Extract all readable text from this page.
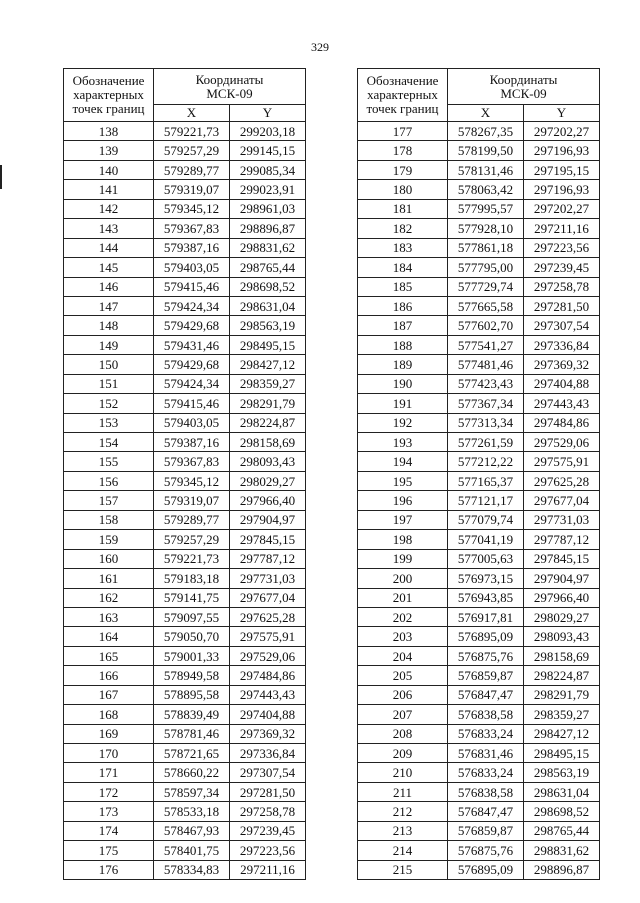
329
Обозначение
характерных
точек границ	Координаты
МСК-09	
	X	Y
138	579221,73	299203,18
139	579257,29	299145,15
140	579289,77	299085,34
141	579319,07	299023,91
142	579345,12	298961,03
143	579367,83	298896,87
144	579387,16	298831,62
145	579403,05	298765,44
146	579415,46	298698,52
147	579424,34	298631,04
148	579429,68	298563,19
149	579431,46	298495,15
150	579429,68	298427,12
151	579424,34	298359,27
152	579415,46	298291,79
153	579403,05	298224,87
154	579387,16	298158,69
155	579367,83	298093,43
156	579345,12	298029,27
157	579319,07	297966,40
158	579289,77	297904,97
159	579257,29	297845,15
160	579221,73	297787,12
161	579183,18	297731,03
162	579141,75	297677,04
163	579097,55	297625,28
164	579050,70	297575,91
165	579001,33	297529,06
166	578949,58	297484,86
167	578895,58	297443,43
168	578839,49	297404,88
169	578781,46	297369,32
170	578721,65	297336,84
171	578660,22	297307,54
172	578597,34	297281,50
173	578533,18	297258,78
174	578467,93	297239,45
175	578401,75	297223,56
176	578334,83	297211,16
Обозначение
характерных
точек границ	Координаты
МСК-09	
	X	Y
177	578267,35	297202,27
178	578199,50	297196,93
179	578131,46	297195,15
180	578063,42	297196,93
181	577995,57	297202,27
182	577928,10	297211,16
183	577861,18	297223,56
184	577795,00	297239,45
185	577729,74	297258,78
186	577665,58	297281,50
187	577602,70	297307,54
188	577541,27	297336,84
189	577481,46	297369,32
190	577423,43	297404,88
191	577367,34	297443,43
192	577313,34	297484,86
193	577261,59	297529,06
194	577212,22	297575,91
195	577165,37	297625,28
196	577121,17	297677,04
197	577079,74	297731,03
198	577041,19	297787,12
199	577005,63	297845,15
200	576973,15	297904,97
201	576943,85	297966,40
202	576917,81	298029,27
203	576895,09	298093,43
204	576875,76	298158,69
205	576859,87	298224,87
206	576847,47	298291,79
207	576838,58	298359,27
208	576833,24	298427,12
209	576831,46	298495,15
210	576833,24	298563,19
211	576838,58	298631,04
212	576847,47	298698,52
213	576859,87	298765,44
214	576875,76	298831,62
215	576895,09	298896,87
